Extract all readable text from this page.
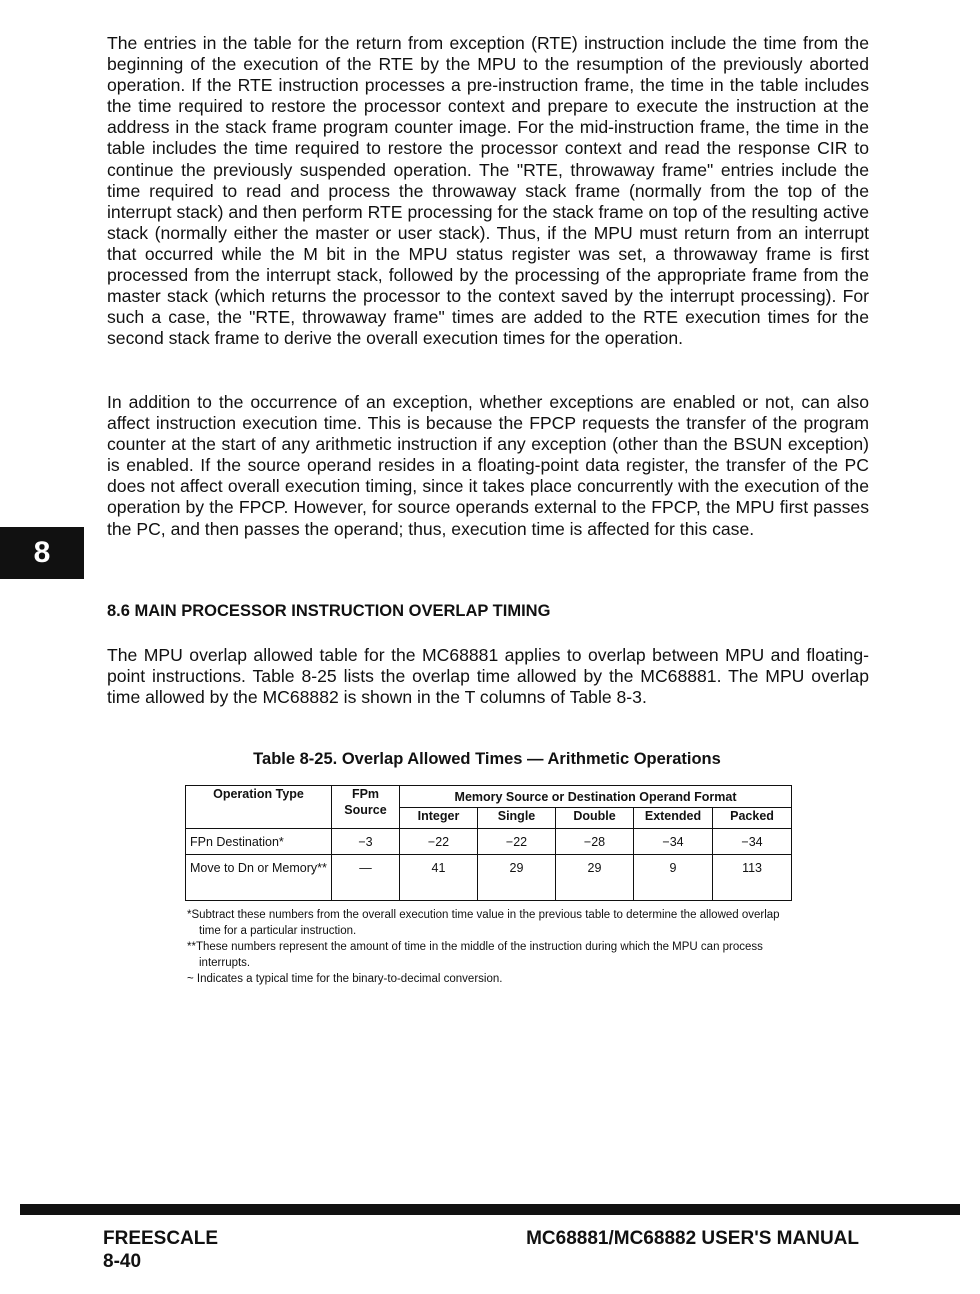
The entries in the table for the return from exception (RTE) instruction include the time from the beginning of the execution of the RTE by the MPU to the resumption of the previously aborted operation. If the RTE instruction processes a pre-instruction frame, the time in the table includes the time required to restore the processor context and prepare to execute the instruction at the address in the stack frame program counter image. For the mid-instruction frame, the time in the table includes the time required to restore the processor context and read the response CIR to continue the previously suspended operation. The "RTE, throwaway frame" entries include the time required to read and process the throwaway stack frame (normally from the top of the interrupt stack) and then perform RTE processing for the stack frame on top of the resulting active stack (normally either the master or user stack). Thus, if the MPU must return from an interrupt that occurred while the M bit in the MPU status register was set, a throwaway frame is first processed from the interrupt stack, followed by the processing of the appropriate frame from the master stack (which returns the processor to the context saved by the interrupt processing). For such a case, the "RTE, throwaway frame" times are added to the RTE execution times for the second stack frame to derive the overall execution times for the operation.

In addition to the occurrence of an exception, whether exceptions are enabled or not, can also affect instruction execution time. This is because the FPCP requests the transfer of the program counter at the start of any arithmetic instruction if any exception (other than the BSUN exception) is enabled. If the source operand resides in a floating-point data register, the transfer of the PC does not affect overall execution timing, since it takes place concurrently with the execution of the operation by the FPCP. However, for source operands external to the FPCP, the MPU first passes the PC, and then passes the operand; thus, execution time is affected for this case.

8
8.6 MAIN PROCESSOR INSTRUCTION OVERLAP TIMING

The MPU overlap allowed table for the MC68881 applies to overlap between MPU and floating-point instructions. Table 8-25 lists the overlap time allowed by the MC68881. The MPU overlap time allowed by the MC68882 is shown in the T columns of Table 8-3.

Table 8-25. Overlap Allowed Times — Arithmetic Operations
Operation Type	FPm Source	Memory Source or Destination Operand Format				
		Integer	Single	Double	Extended	Packed
FPn Destination*	−3	−22	−22	−28	−34	−34
Move to Dn or Memory**	—	41	29	29	9	113
*Subtract these numbers from the overall execution time value in the previous table to determine the allowed overlap time for a particular instruction.
**These numbers represent the amount of time in the middle of the instruction during which the MPU can process interrupts.
~ Indicates a typical time for the binary-to-decimal conversion.
FREESCALE
8-40
MC68881/MC68882 USER'S MANUAL
